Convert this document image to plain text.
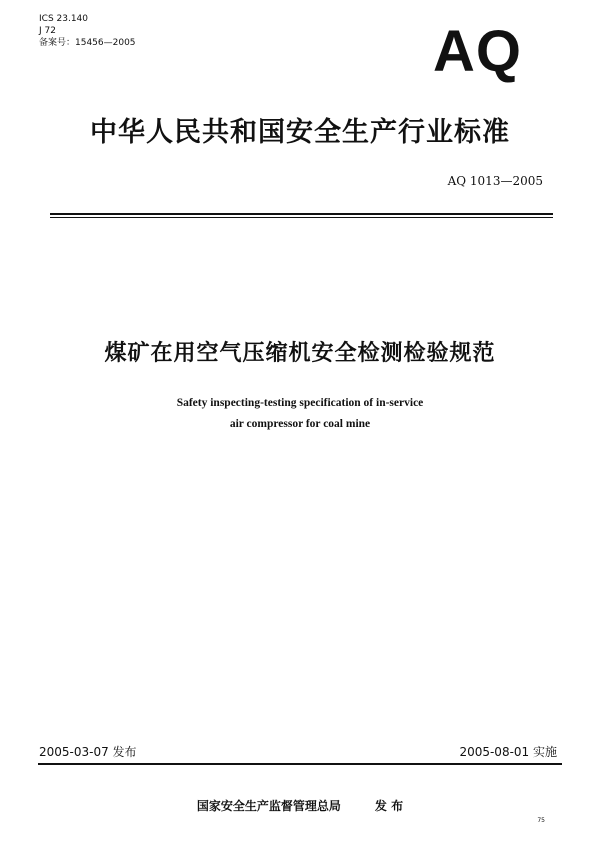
ICS 23.140
J 72
备案号：15456—2005	AQ
中华人民共和国安全生产行业标准
AQ 1013—2005
煤矿在用空气压缩机安全检测检验规范
Safety inspecting-testing specification of in-service
air compressor for coal mine
2005-03-07 发布	2005-08-01 实施
国家安全生产监督管理总局	发 布
75
